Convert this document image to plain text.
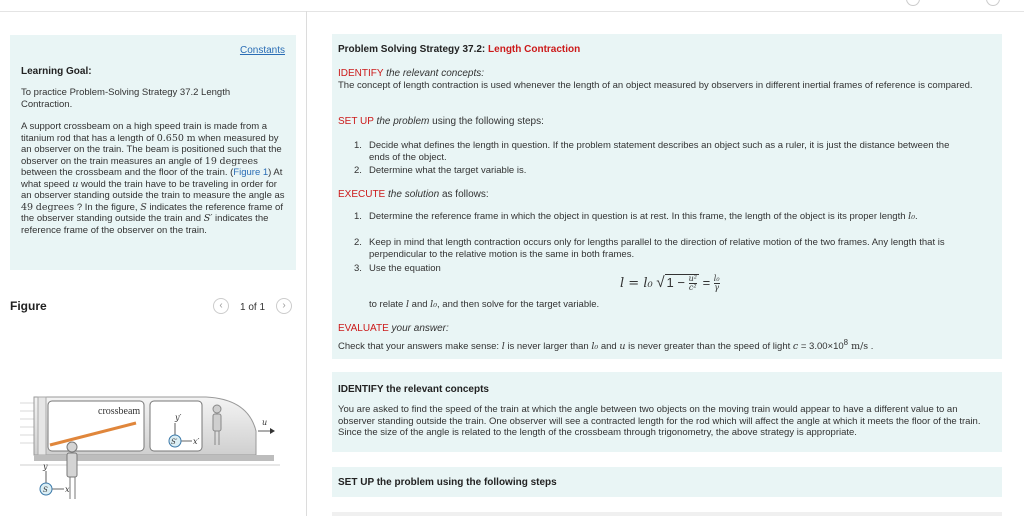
Constants
Learning Goal:
To practice Problem-Solving Strategy 37.2 Length Contraction.
A support crossbeam on a high speed train is made from a titanium rod that has a length of 0.650 m when measured by an observer on the train. The beam is positioned such that the observer on the train measures an angle of 19 degrees between the crossbeam and the floor of the train. (Figure 1) At what speed u would the train have to be traveling in order for an observer standing outside the train to measure the angle as 49 degrees ? In the figure, S indicates the reference frame of the observer standing outside the train and S′ indicates the reference frame of the observer on the train.
Figure	‹	1 of 1	›
crossbeam
y′
x′
S′
u
y
x
S
Problem Solving Strategy 37.2: Length Contraction
IDENTIFY the relevant concepts:
The concept of length contraction is used whenever the length of an object measured by observers in different inertial frames of reference is compared.
SET UP the problem using the following steps:
1. Decide what defines the length in question. If the problem statement describes an object such as a ruler, it is just the distance between the ends of the object.
2. Determine what the target variable is.
EXECUTE the solution as follows:
1. Determine the reference frame in which the object in question is at rest. In this frame, the length of the object is its proper length l₀.
2. Keep in mind that length contraction occurs only for lengths parallel to the direction of relative motion of the two frames. Any length that is perpendicular to the relative motion is the same in both frames.
3. Use the equation
l = l₀ √ $1 - \frac{\text{u²}}{\text{c²}} = \frac{\text{l₀}}{\gamma}$
to relate l and l₀, and then solve for the target variable.
EVALUATE your answer:
Check that your answers make sense: l is never larger than l₀ and u is never greater than the speed of light $c = 3.00\times 10^8$ m/s .
IDENTIFY the relevant concepts
You are asked to find the speed of the train at which the angle between two objects on the moving train would appear to have a different value to an observer standing outside the train. One observer will see a contracted length for the rod which will affect the angle at which it meets the floor of the train. Since the size of the angle is related to the length of the crossbeam through trigonometry, the above strategy is appropriate.
SET UP the problem using the following steps
